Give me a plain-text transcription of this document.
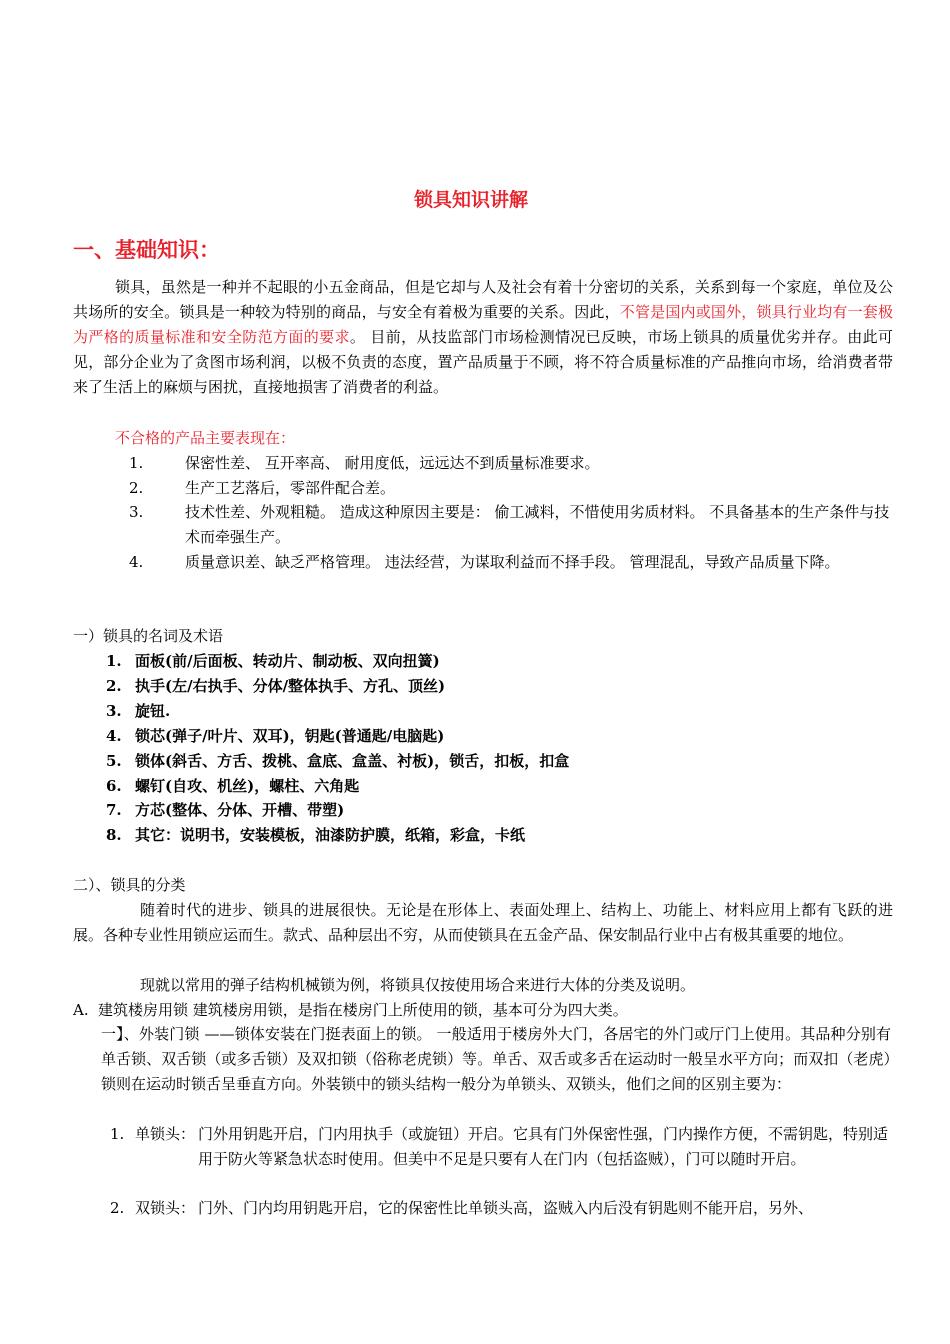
锁具知识讲解
一、基础知识：
锁具，虽然是一种并不起眼的小五金商品，但是它却与人及社会有着十分密切的关系，关系到每一个家庭，单位及公共场所的安全。锁具是一种较为特别的商品，与安全有着极为重要的关系。因此，不管是国内或国外，锁具行业均有一套极为严格的质量标准和安全防范方面的要求。 目前，从技监部门市场检测情况已反映，市场上锁具的质量优劣并存。由此可见，部分企业为了贪图市场利润，以极不负责的态度，置产品质量于不顾，将不符合质量标准的产品推向市场，给消费者带来了生活上的麻烦与困扰，直接地损害了消费者的利益。
不合格的产品主要表现在：
1.	保密性差、 互开率高、 耐用度低，远远达不到质量标准要求。
2.	生产工艺落后，零部件配合差。
3.	技术性差、外观粗糙。 造成这种原因主要是： 偷工减料，不惜使用劣质材料。 不具备基本的生产条件与技术而牵强生产。
4.	质量意识差、缺乏严格管理。 违法经营，为谋取利益而不择手段。 管理混乱，导致产品质量下降。
一）锁具的名词及术语
1. 面板(前/后面板、转动片、制动板、双向扭簧)
2. 执手(左/右执手、分体/整体执手、方孔、顶丝)
3. 旋钮.
4. 锁芯(弹子/叶片、双耳)，钥匙(普通匙/电脑匙)
5. 锁体(斜舌、方舌、拨桃、盒底、盒盖、衬板)，锁舌，扣板，扣盒
6. 螺钉(自攻、机丝)，螺柱、六角匙
7. 方芯(整体、分体、开槽、带塑)
8. 其它：说明书，安装模板，油漆防护膜，纸箱，彩盒，卡纸
二）、锁具的分类
随着时代的进步、锁具的进展很快。无论是在形体上、表面处理上、结构上、功能上、材料应用上都有飞跃的进展。各种专业性用锁应运而生。款式、品种层出不穷，从而使锁具在五金产品、保安制品行业中占有极其重要的地位。
现就以常用的弹子结构机械锁为例，将锁具仅按使用场合来进行大体的分类及说明。
A. 建筑楼房用锁 建筑楼房用锁，是指在楼房门上所使用的锁，基本可分为四大类。
一】、外装门锁 ——锁体安装在门挺表面上的锁。 一般适用于楼房外大门，各居宅的外门或厅门上使用。其品种分别有单舌锁、双舌锁（或多舌锁）及双扣锁（俗称老虎锁）等。单舌、双舌或多舌在运动时一般呈水平方向；而双扣（老虎）锁则在运动时锁舌呈垂直方向。外装锁中的锁头结构一般分为单锁头、双锁头，他们之间的区别主要为：
1. 单锁头： 门外用钥匙开启，门内用执手（或旋钮）开启。它具有门外保密性强，门内操作方便，不需钥匙，特别适用于防火等紧急状态时使用。但美中不足是只要有人在门内（包括盗贼），门可以随时开启。
2. 双锁头： 门外、门内均用钥匙开启，它的保密性比单锁头高，盗贼入内后没有钥匙则不能开启，另外、
